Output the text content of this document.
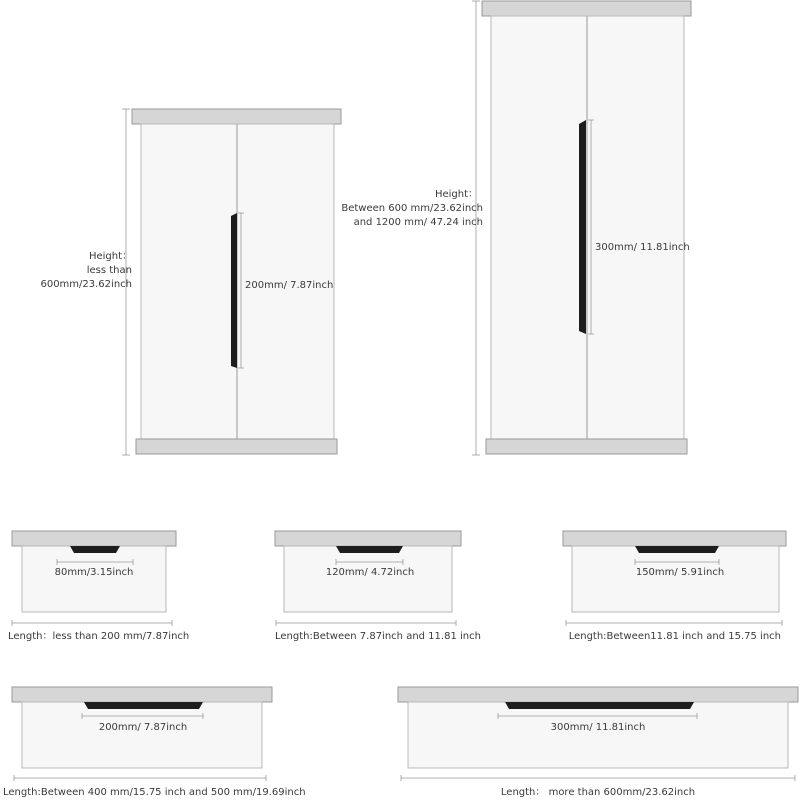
200mm/ 7.87inch
Height：
less than
600mm/23.62inch
300mm/ 11.81inch
Height：
Between 600 mm/23.62inch
and 1200 mm/ 47.24 inch
80mm/3.15inch
Length：less than 200 mm/7.87inch
120mm/ 4.72inch
Length:Between 7.87inch and 11.81 inch
150mm/ 5.91inch
Length:Between11.81 inch and 15.75 inch
200mm/ 7.87inch
Length:Between 400 mm/15.75 inch and 500 mm/19.69inch
300mm/ 11.81inch
Length： more than 600mm/23.62inch
